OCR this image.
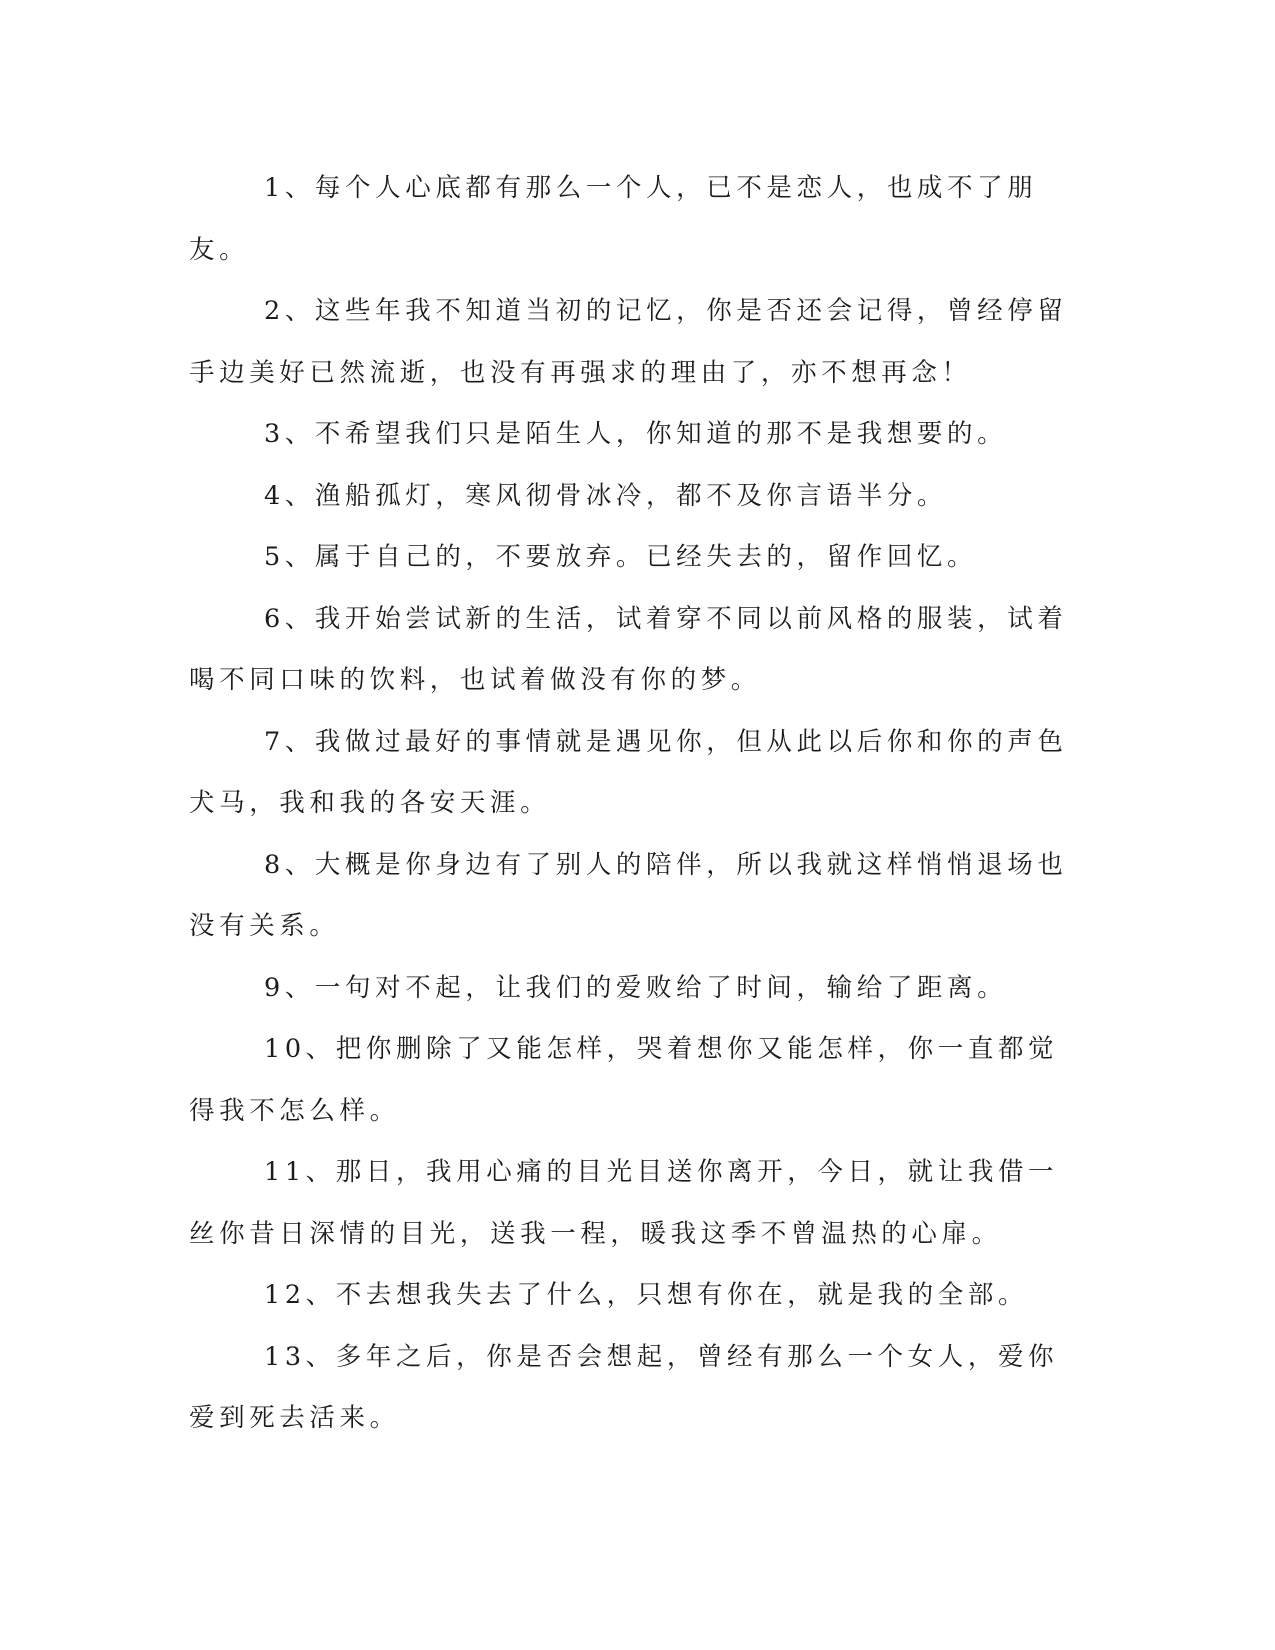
1、每个人心底都有那么一个人，已不是恋人，也成不了朋友。

2、这些年我不知道当初的记忆，你是否还会记得，曾经停留手边美好已然流逝，也没有再强求的理由了，亦不想再念！

3、不希望我们只是陌生人，你知道的那不是我想要的。

4、渔船孤灯，寒风彻骨冰冷，都不及你言语半分。

5、属于自己的，不要放弃。已经失去的，留作回忆。

6、我开始尝试新的生活，试着穿不同以前风格的服装，试着喝不同口味的饮料，也试着做没有你的梦。

7、我做过最好的事情就是遇见你，但从此以后你和你的声色犬马，我和我的各安天涯。

8、大概是你身边有了别人的陪伴，所以我就这样悄悄退场也没有关系。

9、一句对不起，让我们的爱败给了时间，输给了距离。

10、把你删除了又能怎样，哭着想你又能怎样，你一直都觉得我不怎么样。

11、那日，我用心痛的目光目送你离开，今日，就让我借一丝你昔日深情的目光，送我一程，暖我这季不曾温热的心扉。

12、不去想我失去了什么，只想有你在，就是我的全部。

13、多年之后，你是否会想起，曾经有那么一个女人，爱你爱到死去活来。
